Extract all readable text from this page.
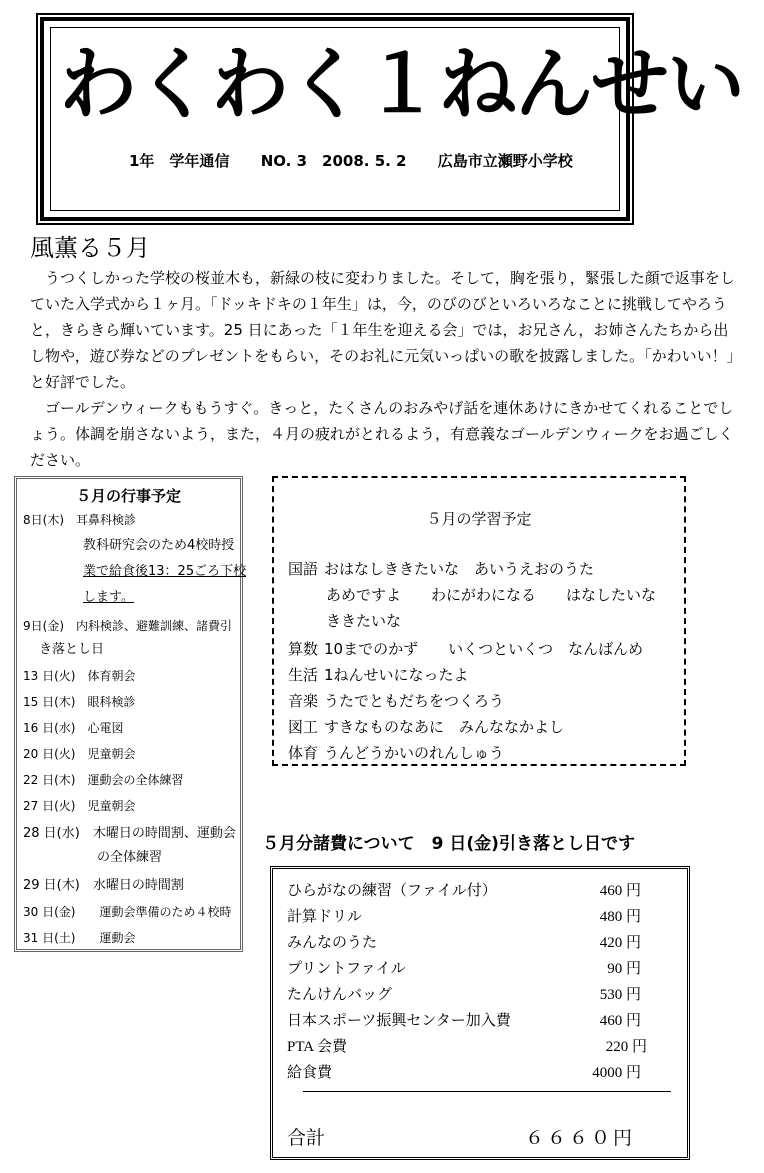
わくわく１ねんせい
1年　学年通信 NO. 3　2008. 5. 2 広島市立瀬野小学校
風薫る５月

　うつくしかった学校の桜並木も，新緑の枝に変わりました。そして，胸を張り，緊張した顔で返事をしていた入学式から１ヶ月。「ドッキドキの１年生」は，今，のびのびといろいろなことに挑戦してやろうと，きらきら輝いています。25 日にあった「１年生を迎える会」では，お兄さん，お姉さんたちから出し物や，遊び券などのプレゼントをもらい，そのお礼に元気いっぱいの歌を披露しました。「かわいい！」と好評でした。

　ゴールデンウィークももうすぐ。きっと，たくさんのおみやげ話を連休あけにきかせてくれることでしょう。体調を崩さないよう，また，４月の疲れがとれるよう，有意義なゴールデンウィークをお過ごしください。

５月の行事予定
8日(木)　耳鼻科検診
教科研究会のため4校時授
業で給食後13：25ごろ下校
します。
9日(金)　内科検診、避難訓練、諸費引
き落とし日
13 日(火)　体育朝会
15 日(木)　眼科検診
16 日(水)　心電図
20 日(火)　児童朝会
22 日(木)　運動会の全体練習
27 日(火)　児童朝会
28 日(水)　木曜日の時間割、運動会
の全体練習
29 日(木)　水曜日の時間割
30 日(金)　　運動会準備のため４校時
31 日(土)　　運動会
５月の学習予定
国語 おはなしききたいな　あいうえおのうた
あめですよ　　わにがわになる　　はなしたいな
ききたいな
算数 10までのかず　　いくつといくつ　なんばんめ
生活 1ねんせいになったよ
音楽 うたでともだちをつくろう
図工 すきなものなあに　みんななかよし
体育 うんどうかいのれんしゅう
５月分諸費について　9 日(金)引き落とし日です
ひらがなの練習（ファイル付）	460 円
計算ドリル	480 円
みんなのうた	420 円
プリントファイル	90 円
たんけんバッグ	530 円
日本スポーツ振興センター加入費	460 円
PTA 会費	220 円
給食費	4000 円
合計	６６６０円
